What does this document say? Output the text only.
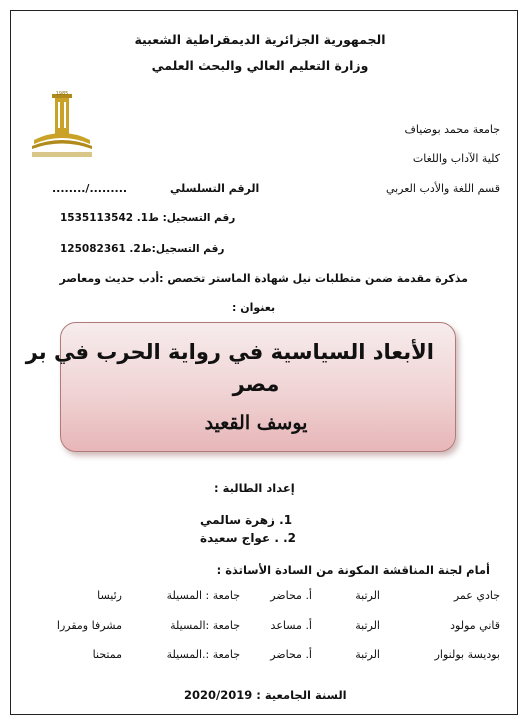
الجمهورية الجزائرية الديمقراطية الشعبية
وزارة التعليم العالي والبحث العلمي
1985
جامعة محمد بوضياف
كلية الآداب واللغات
قسم اللغة والأدب العربي
الرقم التسلسلي
......../.........
رقم التسجيل: ط1. 1535113542
رقم التسجيل:ط2. 125082361
مذكرة مقدمة ضمن متطلبات نيل شهادة الماستر تخصص :أدب حديث ومعاصر
بعنوان :
الأبعاد السياسية في رواية الحرب في بر
مصر
يوسف القعيد
إعداد الطالبة :
1. زهرة سالمي
2. . عواج سعيدة
أمام لجنة المناقشة المكونة من السادة الأساتذة :
جادي عمر
الرتبة
أ. محاضر
جامعة : المسيلة
رئيسا
قاني مولود
الرتبة
أ. مساعد
جامعة :المسيلة
مشرفا ومقررا
بوديسة بولنوار
الرتبة
أ. محاضر
جامعة :.المسيلة
ممتحنا
السنة الجامعية : 2020/2019
